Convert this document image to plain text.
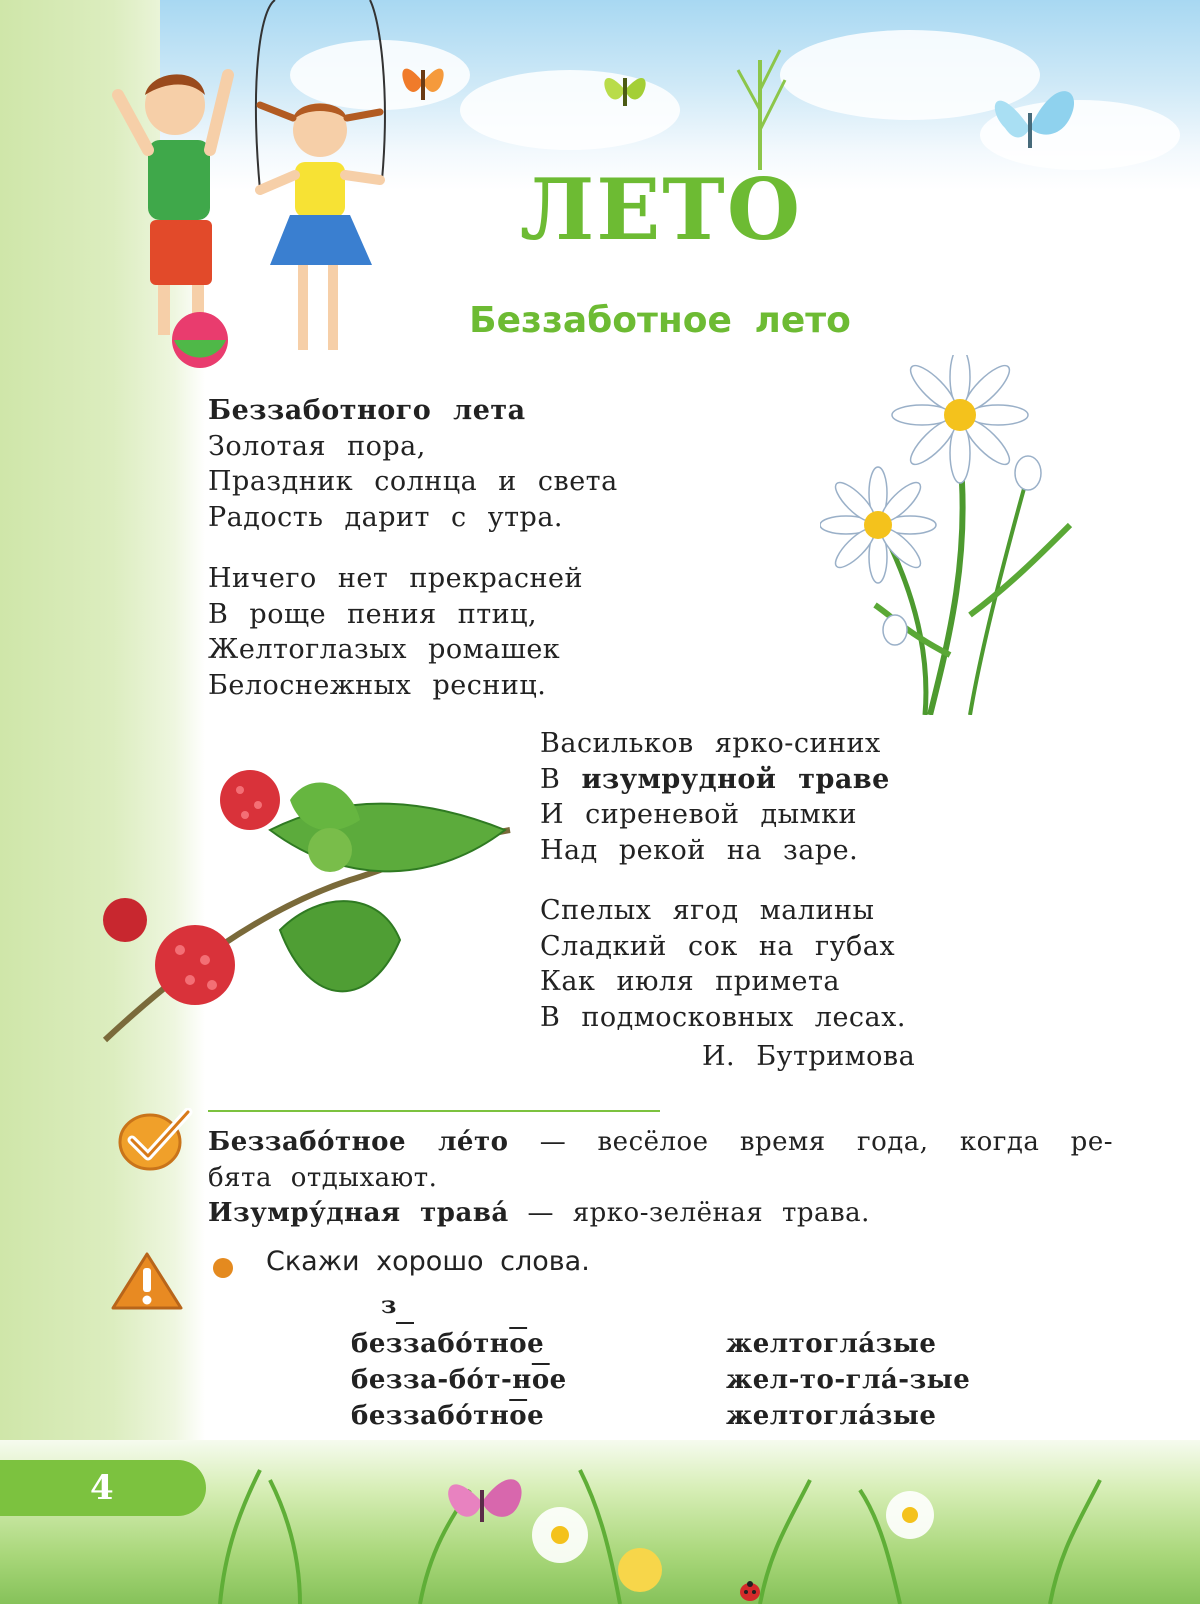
ЛЕТО
Беззаботное лето
Беззаботного лета
Золотая пора,
Праздник солнца и света
Радость дарит с утра.
Ничего нет прекрасней
В роще пения птиц,
Желтоглазых ромашек
Белоснежных ресниц.
Васильков ярко-синих
В изумрудной траве
И сиреневой дымки
Над рекой на заре.
Спелых ягод малины
Сладкий сок на губах
Как июля примета
В подмосковных лесах.
И. Бутримова

Беззабо́тное ле́то — весёлое время года, когда ре-

бята отдыхают.

Изумру́дная трава́ — ярко-зелёная трава.

Скажи хорошо слова.
з
беззабо́тное
безза-бо́т-ное
беззабо́тное
желтогла́зые
жел-то-гла́-зые
желтогла́зые
4
